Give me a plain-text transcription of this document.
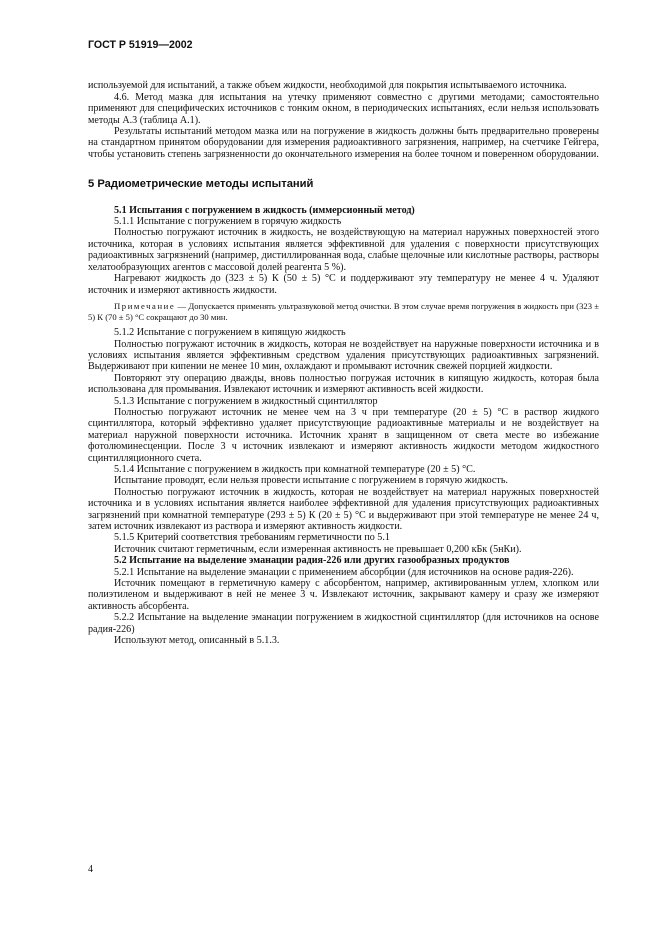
ГОСТ Р 51919—2002

используемой для испытаний, а также объем жидкости, необходимой для покрытия испытываемого источника.

4.6. Метод мазка для испытания на утечку применяют совместно с другими методами; самостоятельно применяют для специфических источников с тонким окном, в периодических испытаниях, если нельзя использовать методы А.3 (таблица А.1).

Результаты испытаний методом мазка или на погружение в жидкость должны быть предварительно проверены на стандартном принятом оборудовании для измерения радиоактивного загрязнения, например, на счетчике Гейгера, чтобы установить степень загрязненности до окончательного измерения на более точном и поверенном оборудовании.

5 Радиометрические методы испытаний

5.1 Испытания с погружением в жидкость (иммерсионный метод)

5.1.1 Испытание с погружением в горячую жидкость

Полностью погружают источник в жидкость, не воздействующую на материал наружных поверхностей этого источника, которая в условиях испытания является эффективной для удаления с поверхности присутствующих радиоактивных загрязнений (например, дистиллированная вода, слабые щелочные или кислотные растворы, растворы хелатообразующих агентов с массовой долей реагента 5 %).

Нагревают жидкость до (323 ± 5) К (50 ± 5) °С и поддерживают эту температуру не менее 4 ч. Удаляют источник и измеряют активность жидкости.

Примечание — Допускается применять ультразвуковой метод очистки. В этом случае время погружения в жидкость при (323 ± 5) К (70 ± 5) °С сокращают до 30 мин.

5.1.2 Испытание с погружением в кипящую жидкость

Полностью погружают источник в жидкость, которая не воздействует на наружные поверхности источника и в условиях испытания является эффективным средством удаления присутствующих радиоактивных загрязнений. Выдерживают при кипении не менее 10 мин, охлаждают и промывают источник свежей порцией жидкости.

Повторяют эту операцию дважды, вновь полностью погружая источник в кипящую жидкость, которая была использована для промывания. Извлекают источник и измеряют активность всей жидкости.

5.1.3 Испытание с погружением в жидкостный сцинтиллятор

Полностью погружают источник не менее чем на 3 ч при температуре (20 ± 5) °С в раствор жидкого сцинтиллятора, который эффективно удаляет присутствующие радиоактивные материалы и не воздействует на материал наружной поверхности источника. Источник хранят в защищенном от света месте во избежание фотолюминесценции. После 3 ч источник извлекают и измеряют активность жидкости методом жидкостного сцинтилляционного счета.

5.1.4 Испытание с погружением в жидкость при комнатной температуре (20 ± 5) °С.

Испытание проводят, если нельзя провести испытание с погружением в горячую жидкость.

Полностью погружают источник в жидкость, которая не воздействует на материал наружных поверхностей источника и в условиях испытания является наиболее эффективной для удаления присутствующих радиоактивных загрязнений при комнатной температуре (293 ± 5) К (20 ± 5) °С и выдерживают при этой температуре не менее 24 ч, затем источник извлекают из раствора и измеряют активность жидкости.

5.1.5 Критерий соответствия требованиям герметичности по 5.1

Источник считают герметичным, если измеренная активность не превышает 0,200 кБк (5нКи).

5.2 Испытание на выделение эманации радия-226 или других газообразных продуктов

5.2.1 Испытание на выделение эманации с применением абсорбции (для источников на основе радия-226).

Источник помещают в герметичную камеру с абсорбентом, например, активированным углем, хлопком или полиэтиленом и выдерживают в ней не менее 3 ч. Извлекают источник, закрывают камеру и сразу же измеряют активность абсорбента.

5.2.2 Испытание на выделение эманации погружением в жидкостной сцинтиллятор (для источников на основе радия-226)

Используют метод, описанный в 5.1.3.

4
